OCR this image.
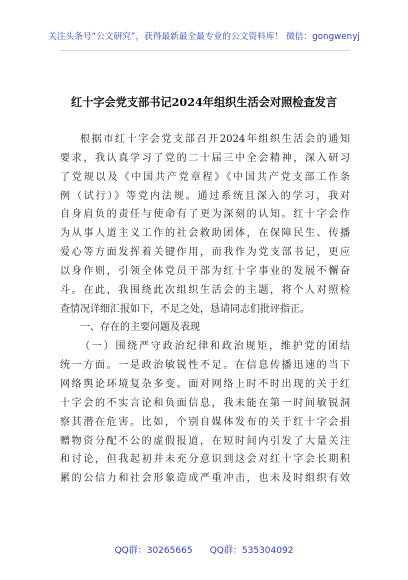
关注头条号“公文研究”，获得最新最全最专业的公文资料库！ 微信：gongwenyj
红十字会党支部书记2024年组织生活会对照检查发言
根据市红十字会党支部召开2024年组织生活会的通知
要求，我认真学习了党的二十届三中全会精神，深入研习
了党规以及《中国共产党章程》《中国共产党支部工作条
例（试行）》等党内法规。通过系统且深入的学习，我对
自身肩负的责任与使命有了更为深刻的认知。红十字会作
为从事人道主义工作的社会救助团体，在保障民生、传播
爱心等方面发挥着关键作用，而我作为党支部书记，更应
以身作则，引领全体党员干部为红十字事业的发展不懈奋
斗。在此，我围绕此次组织生活会的主题，将个人对照检
查情况详细汇报如下，不足之处，恳请同志们批评指正。
一、存在的主要问题及表现
（一）围绕严守政治纪律和政治规矩，维护党的团结
统一方面。一是政治敏锐性不足。在信息传播迅速的当下
网络舆论环境复杂多变。面对网络上时不时出现的关于红
十字会的不实言论和负面信息，我未能在第一时间敏锐洞
察其潜在危害。比如，个别自媒体发布的关于红十字会捐
赠物资分配不公的虚假报道，在短时间内引发了大量关注
和讨论，但我起初并未充分意识到这会对红十字会长期积
累的公信力和社会形象造成严重冲击，也未及时组织有效
QQ群：30265665 QQ群：535304092
